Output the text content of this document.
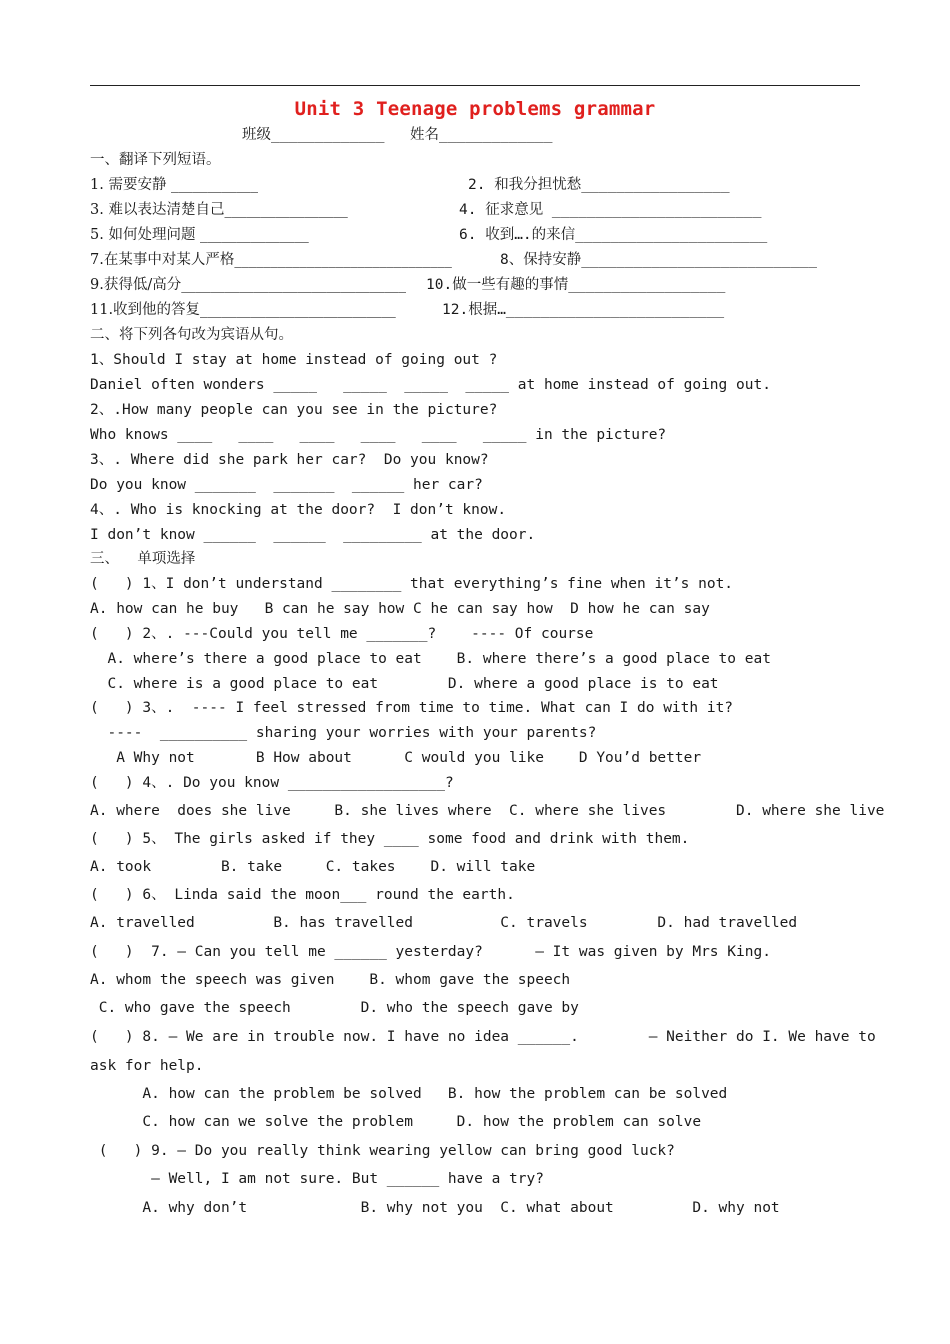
Unit 3 Teenage problems grammar
班级_____________ 姓名_____________
一、翻译下列短语。
1. 需要安静 ____________	2. 和我分担忧愁_________________
3. 难以表达清楚自己_________________	4. 征求意见 ________________________
5. 如何处理问题 _______________	6. 收到….的来信______________________
7.在某事中对某人严格______________________________	8、保持安静___________________________
9.获得低/高分_______________________________ 10.做一些有趣的事情__________________
11.收到他的答复___________________________	12.根据…_________________________
二、将下列各句改为宾语从句。
1、Should I stay at home instead of going out ?
Daniel often wonders _____   _____  _____  _____ at home instead of going out.
2、.How many people can you see in the picture?
Who knows ____   ____   ____   ____   ____   _____ in the picture?
3、. Where did she park her car?  Do you know?
Do you know _______  _______  ______ her car?
4、. Who is knocking at the door?  I don’t know.
I don’t know ______  ______  _________ at the door.
三、    单项选择
(   ) 1、I don’t understand ________ that everything’s fine when it’s not.
A. how can he buy   B can he say how C he can say how  D how he can say
(   ) 2、. ---Could you tell me _______?    ---- Of course
A. where’s there a good place to eat    B. where there’s a good place to eat
C. where is a good place to eat        D. where a good place is to eat
(   ) 3、.  ---- I feel stressed from time to time. What can I do with it?
----  __________ sharing your worries with your parents?
A Why not       B How about      C would you like    D You’d better
(   ) 4、. Do you know __________________?
A. where  does she live     B. she lives where  C. where she lives        D. where she live
(   ) 5、 The girls asked if they ____ some food and drink with them.
A. took        B. take     C. takes    D. will take
(   ) 6、 Linda said the moon___ round the earth.
A. travelled         B. has travelled          C. travels        D. had travelled
(   )  7. — Can you tell me ______ yesterday?      — It was given by Mrs King.
A. whom the speech was given    B. whom gave the speech
C. who gave the speech        D. who the speech gave by
(   ) 8. — We are in trouble now. I have no idea ______.        — Neither do I. We have to
ask for help.
A. how can the problem be solved   B. how the problem can be solved
C. how can we solve the problem     D. how the problem can solve
(   ) 9. — Do you really think wearing yellow can bring good luck?
— Well, I am not sure. But ______ have a try?
A. why don’t             B. why not you  C. what about         D. why not
